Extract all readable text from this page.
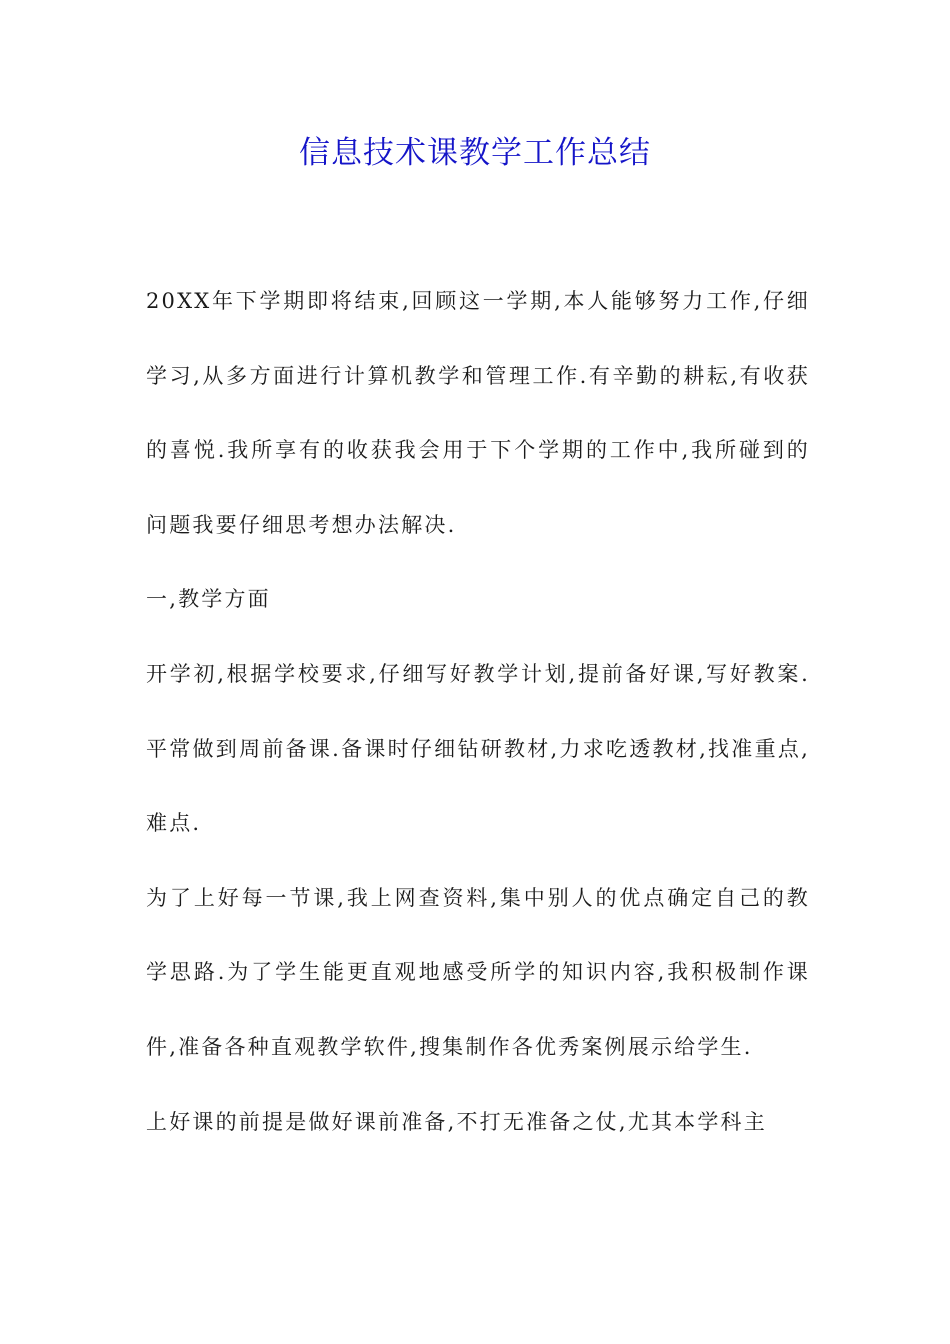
信息技术课教学工作总结

20XX年下学期即将结束,回顾这一学期,本人能够努力工作,仔细学习,从多方面进行计算机教学和管理工作.有辛勤的耕耘,有收获的喜悦.我所享有的收获我会用于下个学期的工作中,我所碰到的问题我要仔细思考想办法解决.

一,教学方面

开学初,根据学校要求,仔细写好教学计划,提前备好课,写好教案.平常做到周前备课.备课时仔细钻研教材,力求吃透教材,找准重点,难点.

为了上好每一节课,我上网查资料,集中别人的优点确定自己的教学思路.为了学生能更直观地感受所学的知识内容,我积极制作课件,准备各种直观教学软件,搜集制作各优秀案例展示给学生.

上好课的前提是做好课前准备,不打无准备之仗,尤其本学科主
